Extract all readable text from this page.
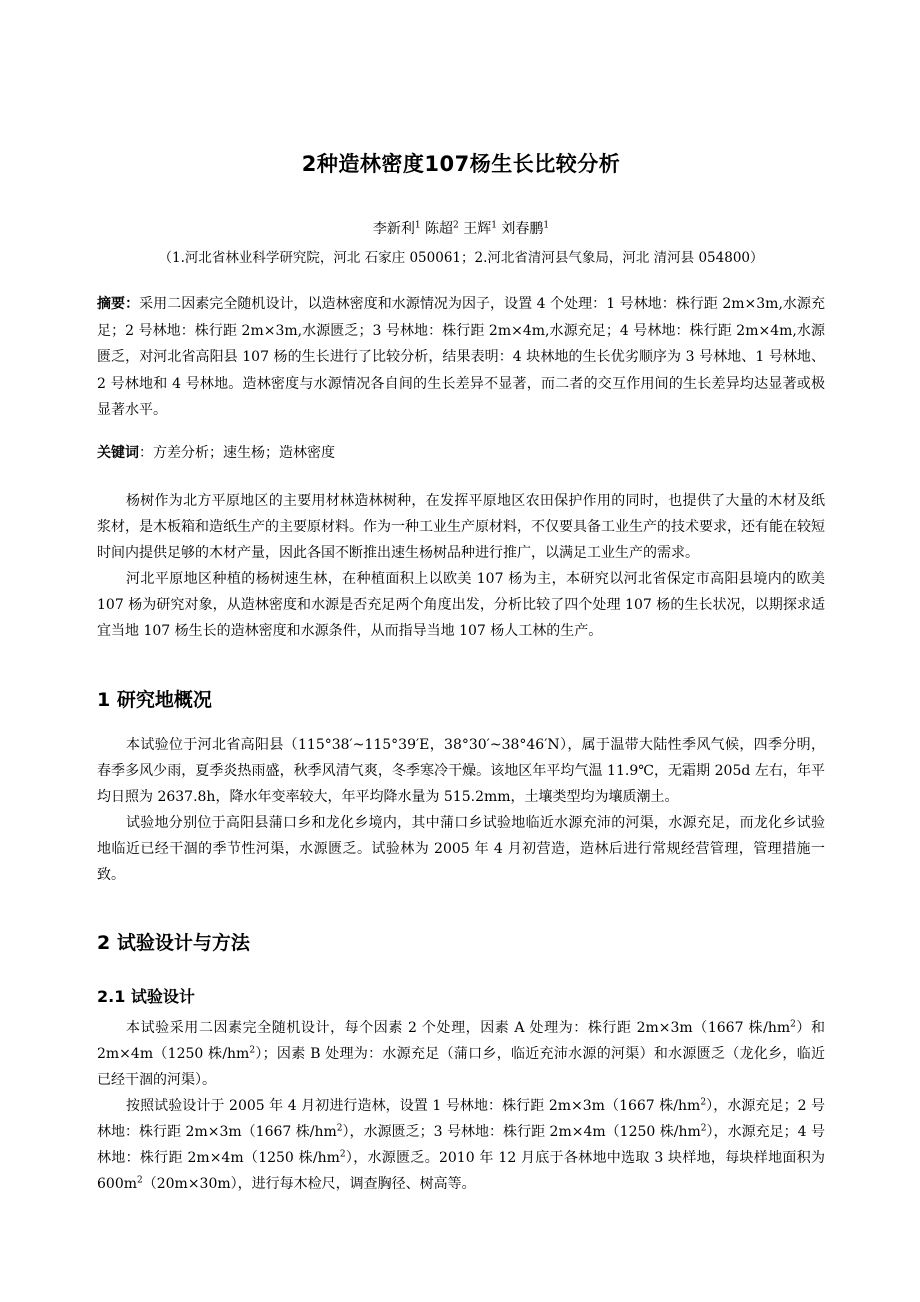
2种造林密度107杨生长比较分析
李新利$^1$ 陈超$^2$ 王辉$^1$ 刘春鹏$^1$
（1.河北省林业科学研究院，河北 石家庄 050061；2.河北省清河县气象局，河北 清河县 054800）
摘要：采用二因素完全随机设计，以造林密度和水源情况为因子，设置 4 个处理：1 号林地：株行距 2m×3m,水源充足；2 号林地：株行距 2m×3m,水源匮乏；3 号林地：株行距 2m×4m,水源充足；4 号林地：株行距 2m×4m,水源匮乏，对河北省高阳县 107 杨的生长进行了比较分析，结果表明：4 块林地的生长优劣顺序为 3 号林地、1 号林地、2 号林地和 4 号林地。造林密度与水源情况各自间的生长差异不显著，而二者的交互作用间的生长差异均达显著或极显著水平。
关键词：方差分析；速生杨；造林密度

杨树作为北方平原地区的主要用材林造林树种，在发挥平原地区农田保护作用的同时，也提供了大量的木材及纸浆材，是木板箱和造纸生产的主要原材料。作为一种工业生产原材料，不仅要具备工业生产的技术要求，还有能在较短时间内提供足够的木材产量，因此各国不断推出速生杨树品种进行推广，以满足工业生产的需求。

河北平原地区种植的杨树速生林，在种植面积上以欧美 107 杨为主，本研究以河北省保定市高阳县境内的欧美 107 杨为研究对象，从造林密度和水源是否充足两个角度出发，分析比较了四个处理 107 杨的生长状况，以期探求适宜当地 107 杨生长的造林密度和水源条件，从而指导当地 107 杨人工林的生产。

1 研究地概况

本试验位于河北省高阳县（115°38′~115°39′E，38°30′~38°46′N），属于温带大陆性季风气候，四季分明，春季多风少雨，夏季炎热雨盛，秋季风清气爽，冬季寒冷干燥。该地区年平均气温 11.9℃，无霜期 205d 左右，年平均日照为 2637.8h，降水年变率较大，年平均降水量为 515.2mm，土壤类型均为壤质潮土。

试验地分别位于高阳县蒲口乡和龙化乡境内，其中蒲口乡试验地临近水源充沛的河渠，水源充足，而龙化乡试验地临近已经干涸的季节性河渠，水源匮乏。试验林为 2005 年 4 月初营造，造林后进行常规经营管理，管理措施一致。

2 试验设计与方法
2.1 试验设计

本试验采用二因素完全随机设计，每个因素 2 个处理，因素 A 处理为：株行距 2m×3m（1667 株$/hm^2$）和 2m×4m（1250 株$/hm^2$）；因素 B 处理为：水源充足（蒲口乡，临近充沛水源的河渠）和水源匮乏（龙化乡，临近已经干涸的河渠）。

按照试验设计于 2005 年 4 月初进行造林，设置 1 号林地：株行距 2m×3m（1667 株$/hm^2$），水源充足；2 号林地：株行距 2m×3m（1667 株$/hm^2$），水源匮乏；3 号林地：株行距 2m×4m（1250 株$/hm^2$），水源充足；4 号林地：株行距 2m×4m（1250 株$/hm^2$），水源匮乏。2010 年 12 月底于各林地中选取 3 块样地，每块样地面积为 $600m^2(20m\times 30m)$，进行每木检尺，调查胸径、树高等。
